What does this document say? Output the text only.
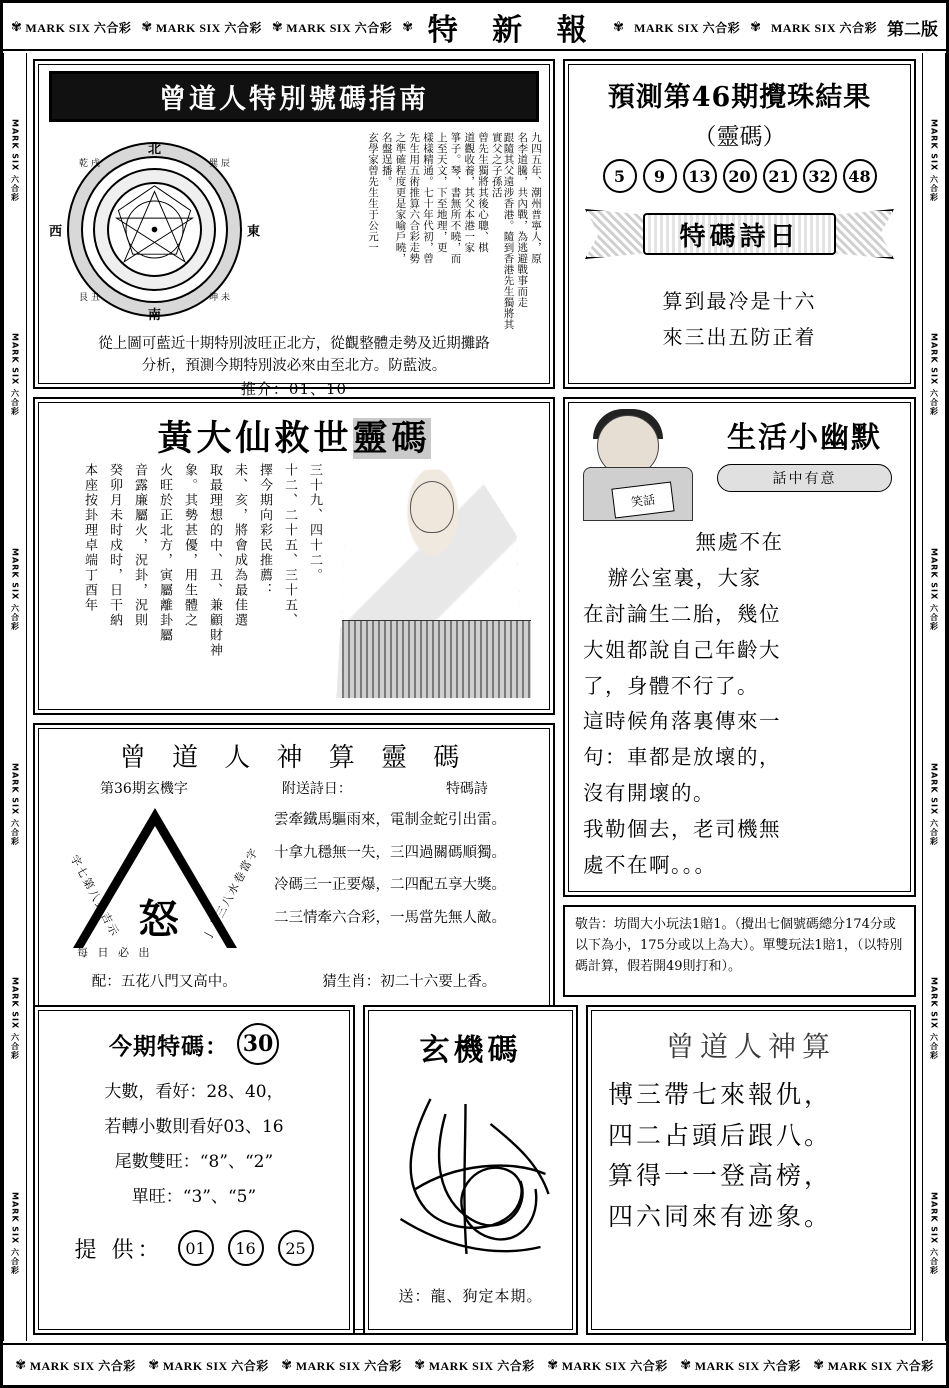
✾ MARK SIX 六合彩 ✾ MARK SIX 六合彩 ✾ MARK SIX 六合彩 ✾ 特 新 報	✾ MARK SIX 六合彩 ✾ MARK SIX 六合彩 第二版
MARK SIX 六合彩
MARK SIX 六合彩
MARK SIX 六合彩
MARK SIX 六合彩
MARK SIX 六合彩
MARK SIX 六合彩
MARK SIX 六合彩
MARK SIX 六合彩
MARK SIX 六合彩
MARK SIX 六合彩
MARK SIX 六合彩
MARK SIX 六合彩
曾道人特別號碼指南
北
南
西	東
乾 戌	巽 辰
坤 未
艮 丑
九四五年、潮州普寧人，原
名李道騰，共內戰，為逃避戰事而走
跟隨其父遠涉香港。隨到香港先生獨將其實父之子孫活
曾先生獨將其後心聰、棋
道觀收養，其父本港一家
箏子。琴、書無所不曉，而
上至天文，下至地理，更
樣樣精通。七十年代初，曾
先生用五術推算六合彩走勢
之準確程度更是家喻戶曉，
名盤逞播。
玄學家曾先生生于公元一
從上圖可藍近十期特別波旺正北方，從觀整體走勢及近期攤路
分析，預測今期特別波必來由至北方。防藍波。
推介：01、10
黃大仙救世靈碼
三十九、四十二。
十二、二十五、三十五、
擇今期向彩民推薦：
未、亥，將會成為最佳選
取最理想的中、丑、兼顧財神
象。其勢甚優，用生體之
火旺於正北方，寅屬離卦屬
音露廉屬火，況卦，況則
癸卯月未时戍时，日干納
本座按卦理卓端丁酉年
曾 道 人 神 算 靈 碼
第36期玄機字	附送詩日：	特碼詩
怒
字七第八卦吉示	亅丨三八水卷當字
每 日 必 出
雲牽鐵馬驅雨來，電制金蛇引出雷。
十拿九穩無一失，三四過關碼順獨。
冷碼三一正要爆，二四配五享大獎。
二三情牽六合彩，一馬當先無人敵。
配：五花八門又高中。	猜生肖：初二十六要上香。
預測第46期攪珠結果
（靈碼）
5	9	13	20	21	32	48
特碼詩日
算到最冷是十六
來三出五防正着
笑話
生活小幽默
話中有意
無處不在
辦公室裏，大家
在討論生二胎，幾位
大姐都說自己年齡大
了，身體不行了。
這時候角落裏傳來一
句：車都是放壞的，
沒有開壞的。
我勒個去，老司機無
處不在啊。。。
敬告：坊間大小玩法1賠1。（攪出七個號碼總分174分或以下為小，175分或以上為大）。單雙玩法1賠1，（以特別碼計算，假若開49則打和）。
今期特碼： 30
大數，看好：28、40，
若轉小數則看好03、16
尾數雙旺：“8”、“2”
單旺：“3”、“5”
提 供：	01	16	25
玄機碼
送：龍、狗定本期。
曾道人神算
博三帶七來報仇，
四二占頭后跟八。
算得一一登高榜，
四六同來有迹象。
✾ MARK SIX 六合彩 ✾ MARK SIX 六合彩 ✾ MARK SIX 六合彩 ✾ MARK SIX 六合彩 ✾ MARK SIX 六合彩 ✾ MARK SIX 六合彩 ✾ MARK SIX 六合彩
